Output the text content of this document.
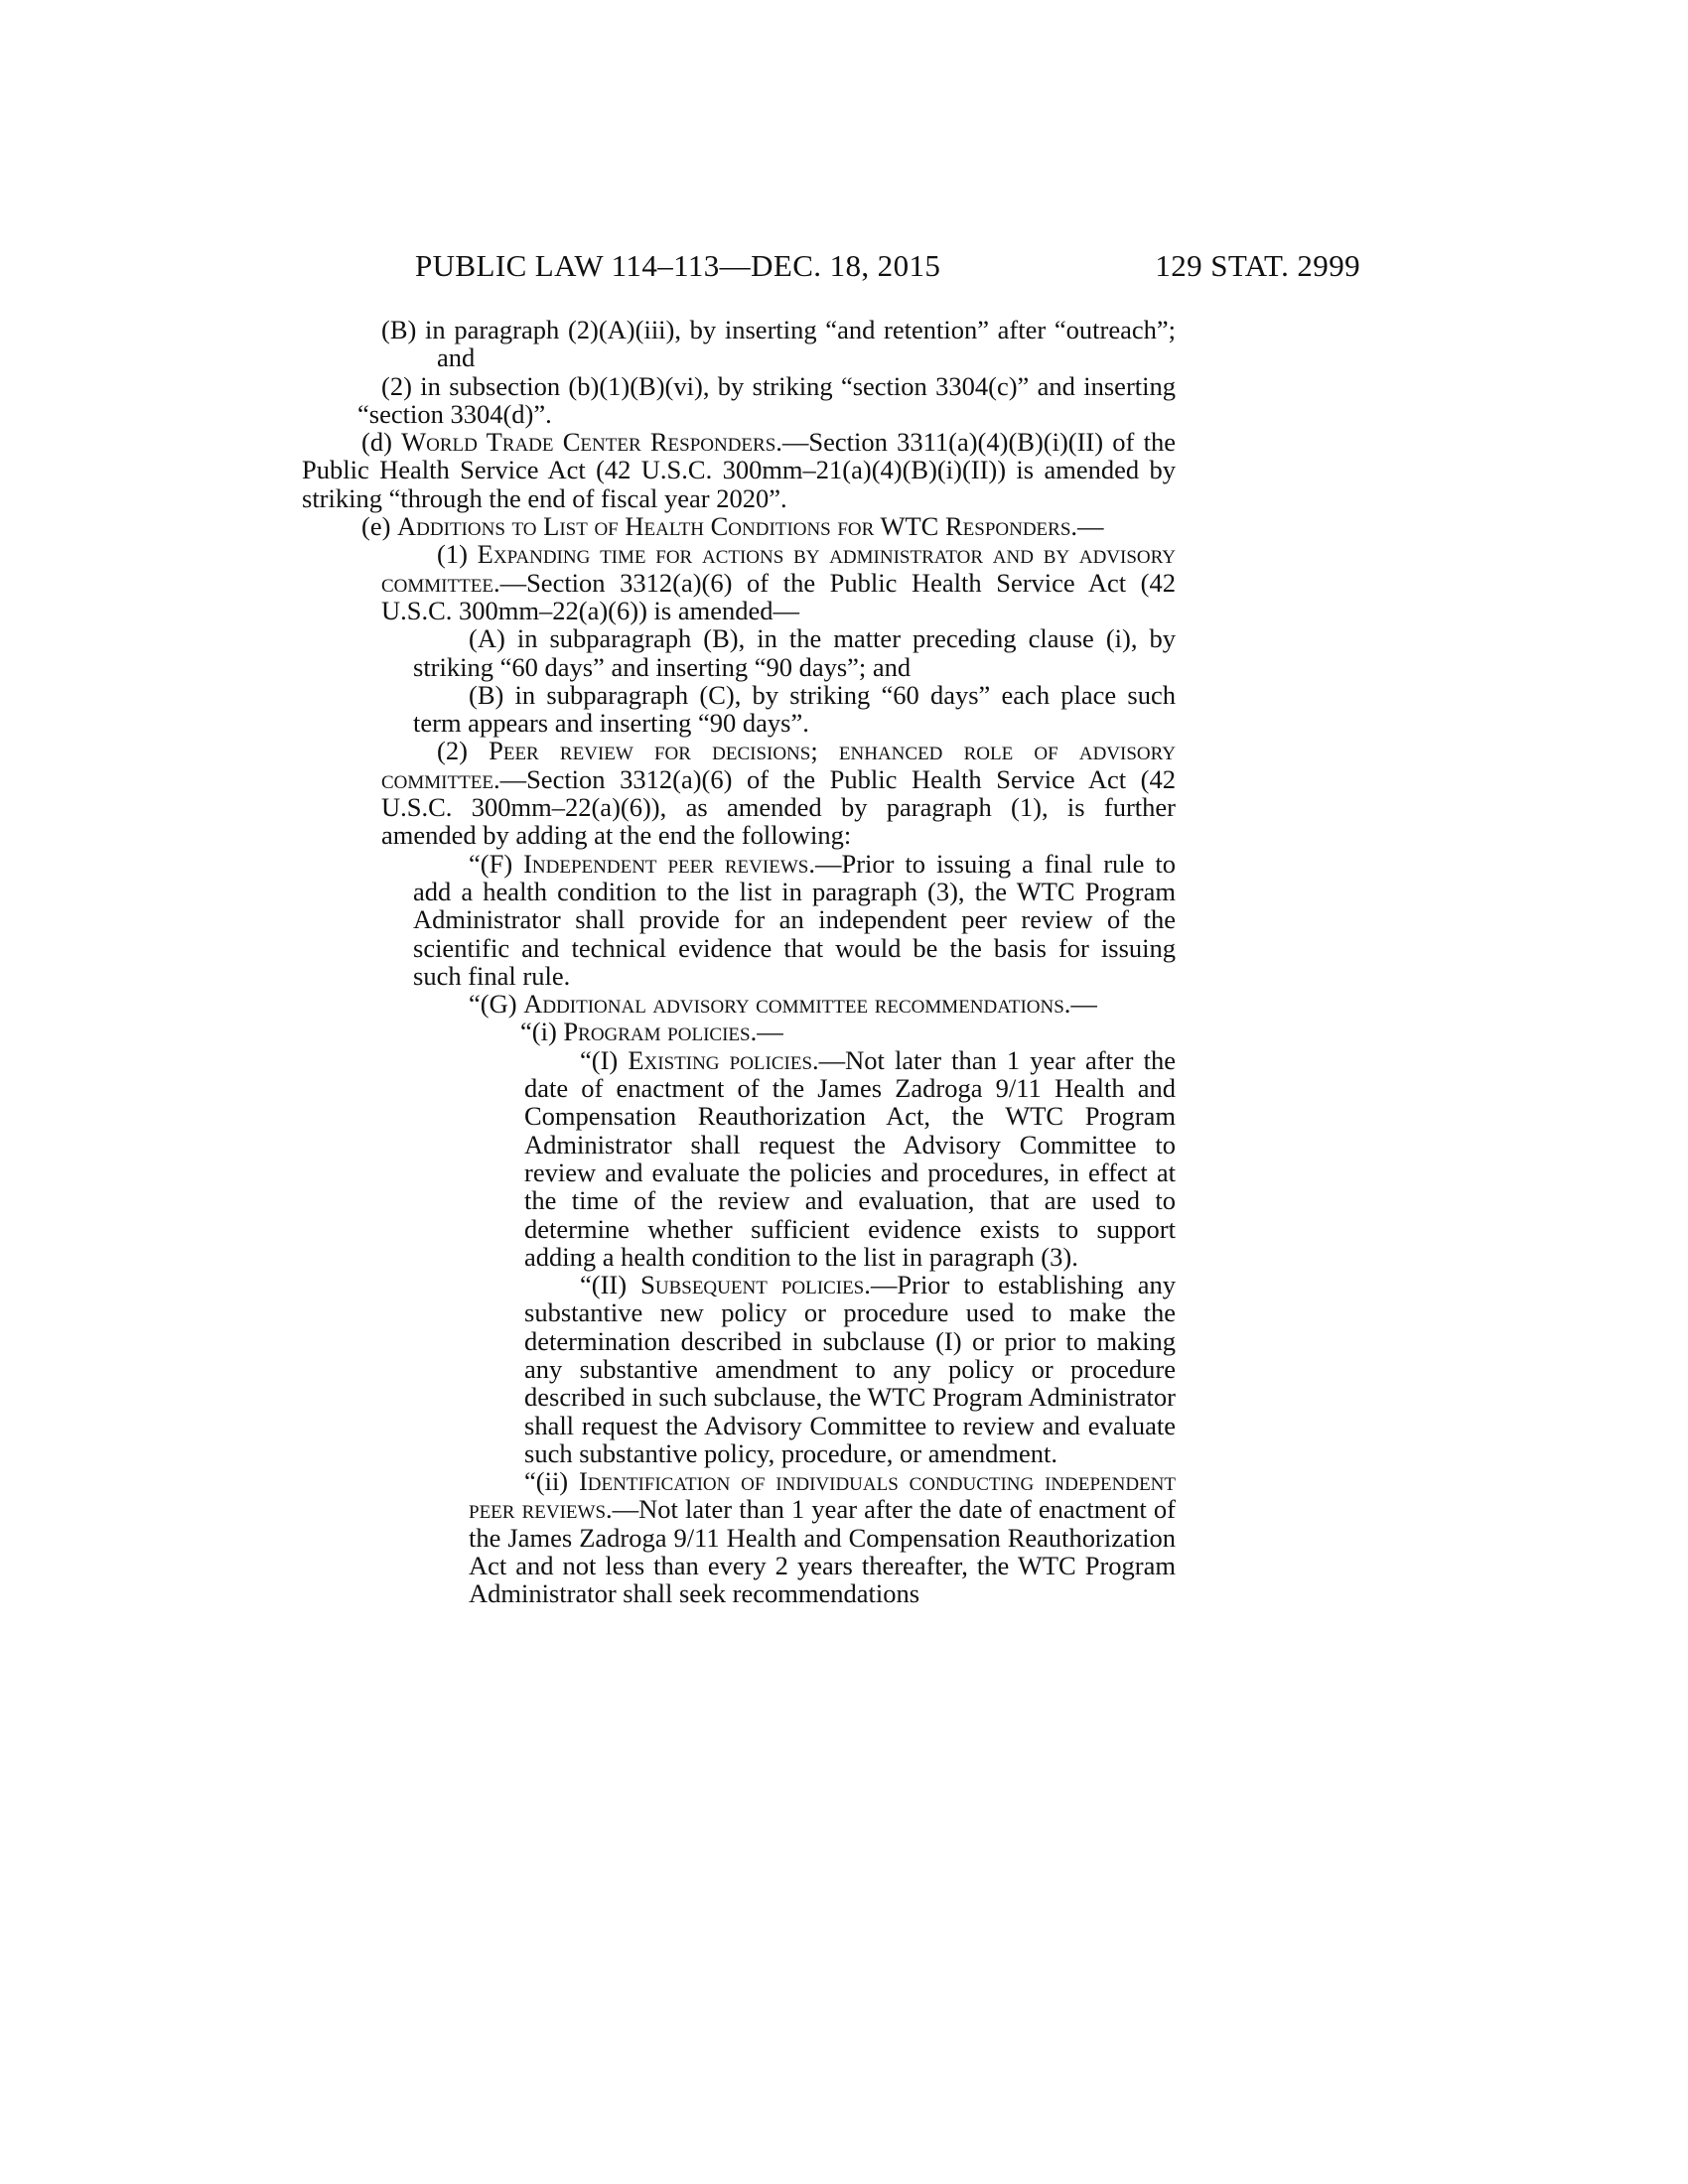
PUBLIC LAW 114–113—DEC. 18, 2015	129 STAT. 2999

(B) in paragraph (2)(A)(iii), by inserting “and retention” after “outreach”; and

(2) in subsection (b)(1)(B)(vi), by striking “section 3304(c)” and inserting “section 3304(d)”.

(d) World Trade Center Responders.—Section 3311(a)(4)(B)(i)(II) of the Public Health Service Act (42 U.S.C. 300mm–21(a)(4)(B)(i)(II)) is amended by striking “through the end of fiscal year 2020”.

(e) Additions to List of Health Conditions for WTC Responders.—

(1) Expanding time for actions by administrator and by advisory committee.—Section 3312(a)(6) of the Public Health Service Act (42 U.S.C. 300mm–22(a)(6)) is amended—

(A) in subparagraph (B), in the matter preceding clause (i), by striking “60 days” and inserting “90 days”; and

(B) in subparagraph (C), by striking “60 days” each place such term appears and inserting “90 days”.

(2) Peer review for decisions; enhanced role of advisory committee.—Section 3312(a)(6) of the Public Health Service Act (42 U.S.C. 300mm–22(a)(6)), as amended by paragraph (1), is further amended by adding at the end the following:

“(F) Independent peer reviews.—Prior to issuing a final rule to add a health condition to the list in paragraph (3), the WTC Program Administrator shall provide for an independent peer review of the scientific and technical evidence that would be the basis for issuing such final rule.

“(G) Additional advisory committee recommendations.—

“(i) Program policies.—

“(I) Existing policies.—Not later than 1 year after the date of enactment of the James Zadroga 9/11 Health and Compensation Reauthorization Act, the WTC Program Administrator shall request the Advisory Committee to review and evaluate the policies and procedures, in effect at the time of the review and evaluation, that are used to determine whether sufficient evidence exists to support adding a health condition to the list in paragraph (3).

“(II) Subsequent policies.—Prior to establishing any substantive new policy or procedure used to make the determination described in subclause (I) or prior to making any substantive amendment to any policy or procedure described in such subclause, the WTC Program Administrator shall request the Advisory Committee to review and evaluate such substantive policy, procedure, or amendment.

“(ii) Identification of individuals conducting independent peer reviews.—Not later than 1 year after the date of enactment of the James Zadroga 9/11 Health and Compensation Reauthorization Act and not less than every 2 years thereafter, the WTC Program Administrator shall seek recommendations
